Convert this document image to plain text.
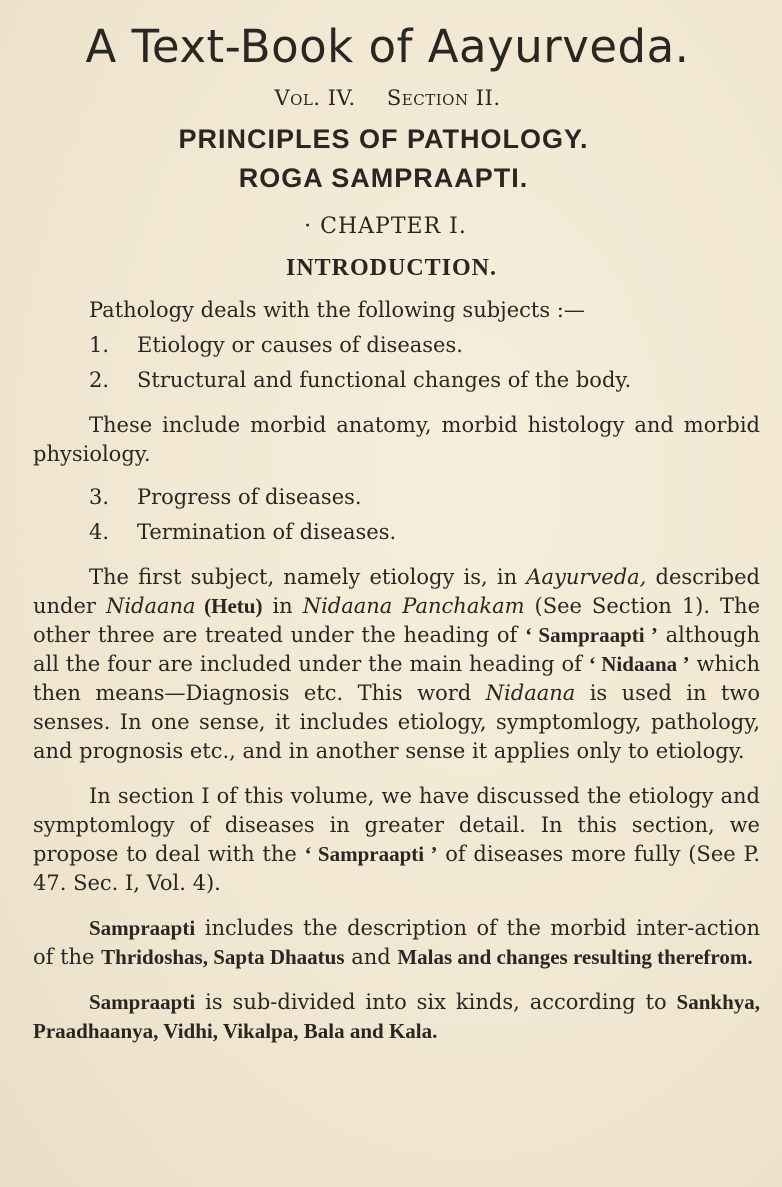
A Text-Book of Aayurveda.
Vol. IV. Section II.
PRINCIPLES OF PATHOLOGY.
ROGA SAMPRAAPTI.
· CHAPTER I.
INTRODUCTION.

Pathology deals with the following subjects :—

1. Etiology or causes of diseases.
2. Structural and functional changes of the body.

These include morbid anatomy, morbid histology and morbid physiology.

3. Progress of diseases.
4. Termination of diseases.

The first subject, namely etiology is, in Aayurveda, described under Nidaana (Hetu) in Nidaana Panchakam (See Section 1). The other three are treated under the heading of ‘ Sampraapti ’ although all the four are included under the main heading of ‘ Nidaana ’ which then means—Diagnosis etc. This word Nidaana is used in two senses. In one sense, it includes etiology, symptomlogy, pathology, and prognosis etc., and in another sense it applies only to etiology.

In section I of this volume, we have discussed the etiology and symptomlogy of diseases in greater detail. In this section, we propose to deal with the ‘ Sampraapti ’ of diseases more fully (See P. 47. Sec. I, Vol. 4).

Sampraapti includes the description of the morbid inter-action of the Thridoshas, Sapta Dhaatus and Malas and changes resulting therefrom.

Sampraapti is sub-divided into six kinds, according to Sankhya, Praadhaanya, Vidhi, Vikalpa, Bala and Kala.
